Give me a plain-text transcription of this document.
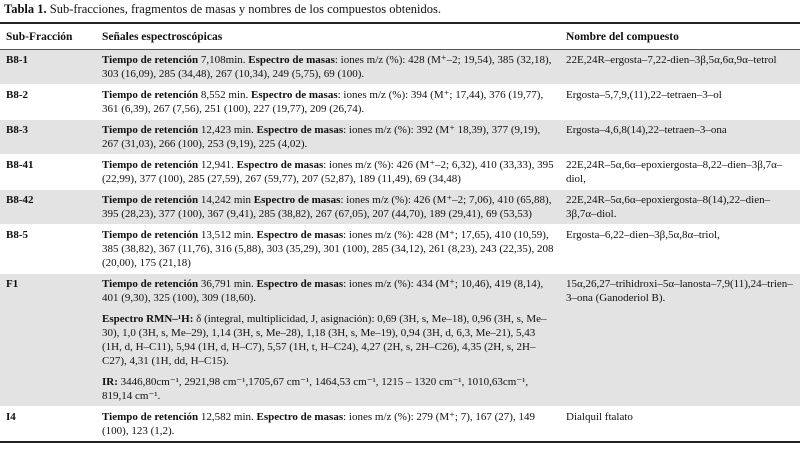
Tabla 1. Sub-fracciones, fragmentos de masas y nombres de los compuestos obtenidos.
Sub-Fracción	Señales espectroscópicas	Nombre del compuesto
B8-1	Tiempo de retención 7,108min. Espectro de masas: iones m/z (%): 428 (M⁺–2; 19,54), 385 (32,18), 303 (16,09), 285 (34,48), 267 (10,34), 249 (5,75), 69 (100).	22E,24R–ergosta–7,22-dien–3β,5α,6α,9α–tetrol
B8-2	Tiempo de retención 8,552 min. Espectro de masas: iones m/z (%): 394 (M⁺; 17,44), 376 (19,77), 361 (6,39), 267 (7,56), 251 (100), 227 (19,77), 209 (26,74).	Ergosta–5,7,9,(11),22–tetraen–3–ol
B8-3	Tiempo de retención 12,423 min. Espectro de masas: iones m/z (%): 392 (M⁺ 18,39), 377 (9,19), 267 (31,03), 266 (100), 253 (9,19), 225 (4,02).	Ergosta–4,6,8(14),22–tetraen–3–ona
B8-41	Tiempo de retención 12,941. Espectro de masas: iones m/z (%): 426 (M⁺–2; 6,32), 410 (33,33), 395 (22,99), 377 (100), 285 (27,59), 267 (59,77), 207 (52,87), 189 (11,49), 69 (34,48)	22E,24R–5α,6α–epoxiergosta–8,22–dien–3β,7α–diol,
B8-42	Tiempo de retención 14,242 min Espectro de masas: iones m/z (%): 426 (M⁺–2; 7,06), 410 (65,88), 395 (28,23), 377 (100), 367 (9,41), 285 (38,82), 267 (67,05), 207 (44,70), 189 (29,41), 69 (53,53)	22E,24R–5α,6α–epoxiergosta–8(14),22–dien–3β,7α–diol.
B8-5	Tiempo de retención 13,512 min. Espectro de masas: iones m/z (%): 428 (M⁺; 17,65), 410 (10,59), 385 (38,82), 367 (11,76), 316 (5,88), 303 (35,29), 301 (100), 285 (34,12), 261 (8,23), 243 (22,35), 208 (20,00), 175 (21,18)	Ergosta–6,22–dien–3β,5α,8α–triol,
F1	Tiempo de retención 36,791 min. Espectro de masas: iones m/z (%): 434 (M⁺; 10,46), 419 (8,14), 401 (9,30), 325 (100), 309 (18,60).
Espectro RMN–¹H: δ (integral, multiplicidad, J, asignación): 0,69 (3H, s, Me–18), 0,96 (3H, s, Me–30), 1,0 (3H, s, Me–29), 1,14 (3H, s, Me–28), 1,18 (3H, s, Me–19), 0,94 (3H, d, 6,3, Me–21), 5,43 (1H, d, H–C11), 5,94 (1H, d, H–C7), 5,57 (1H, t, H–C24), 4,27 (2H, s, 2H–C26), 4,35 (2H, s, 2H–C27), 4,31 (1H, dd, H–C15).
IR: 3446,80cm⁻¹, 2921,98 cm⁻¹,1705,67 cm⁻¹, 1464,53 cm⁻¹, 1215 – 1320 cm⁻¹, 1010,63cm⁻¹, 819,14 cm⁻¹.	15α,26,27–trihidroxi–5α–lanosta–7,9(11),24–trien–3–ona (Ganoderiol B).
I4	Tiempo de retención 12,582 min. Espectro de masas: iones m/z (%): 279 (M⁺; 7), 167 (27), 149 (100), 123 (1,2).	Dialquil ftalato
